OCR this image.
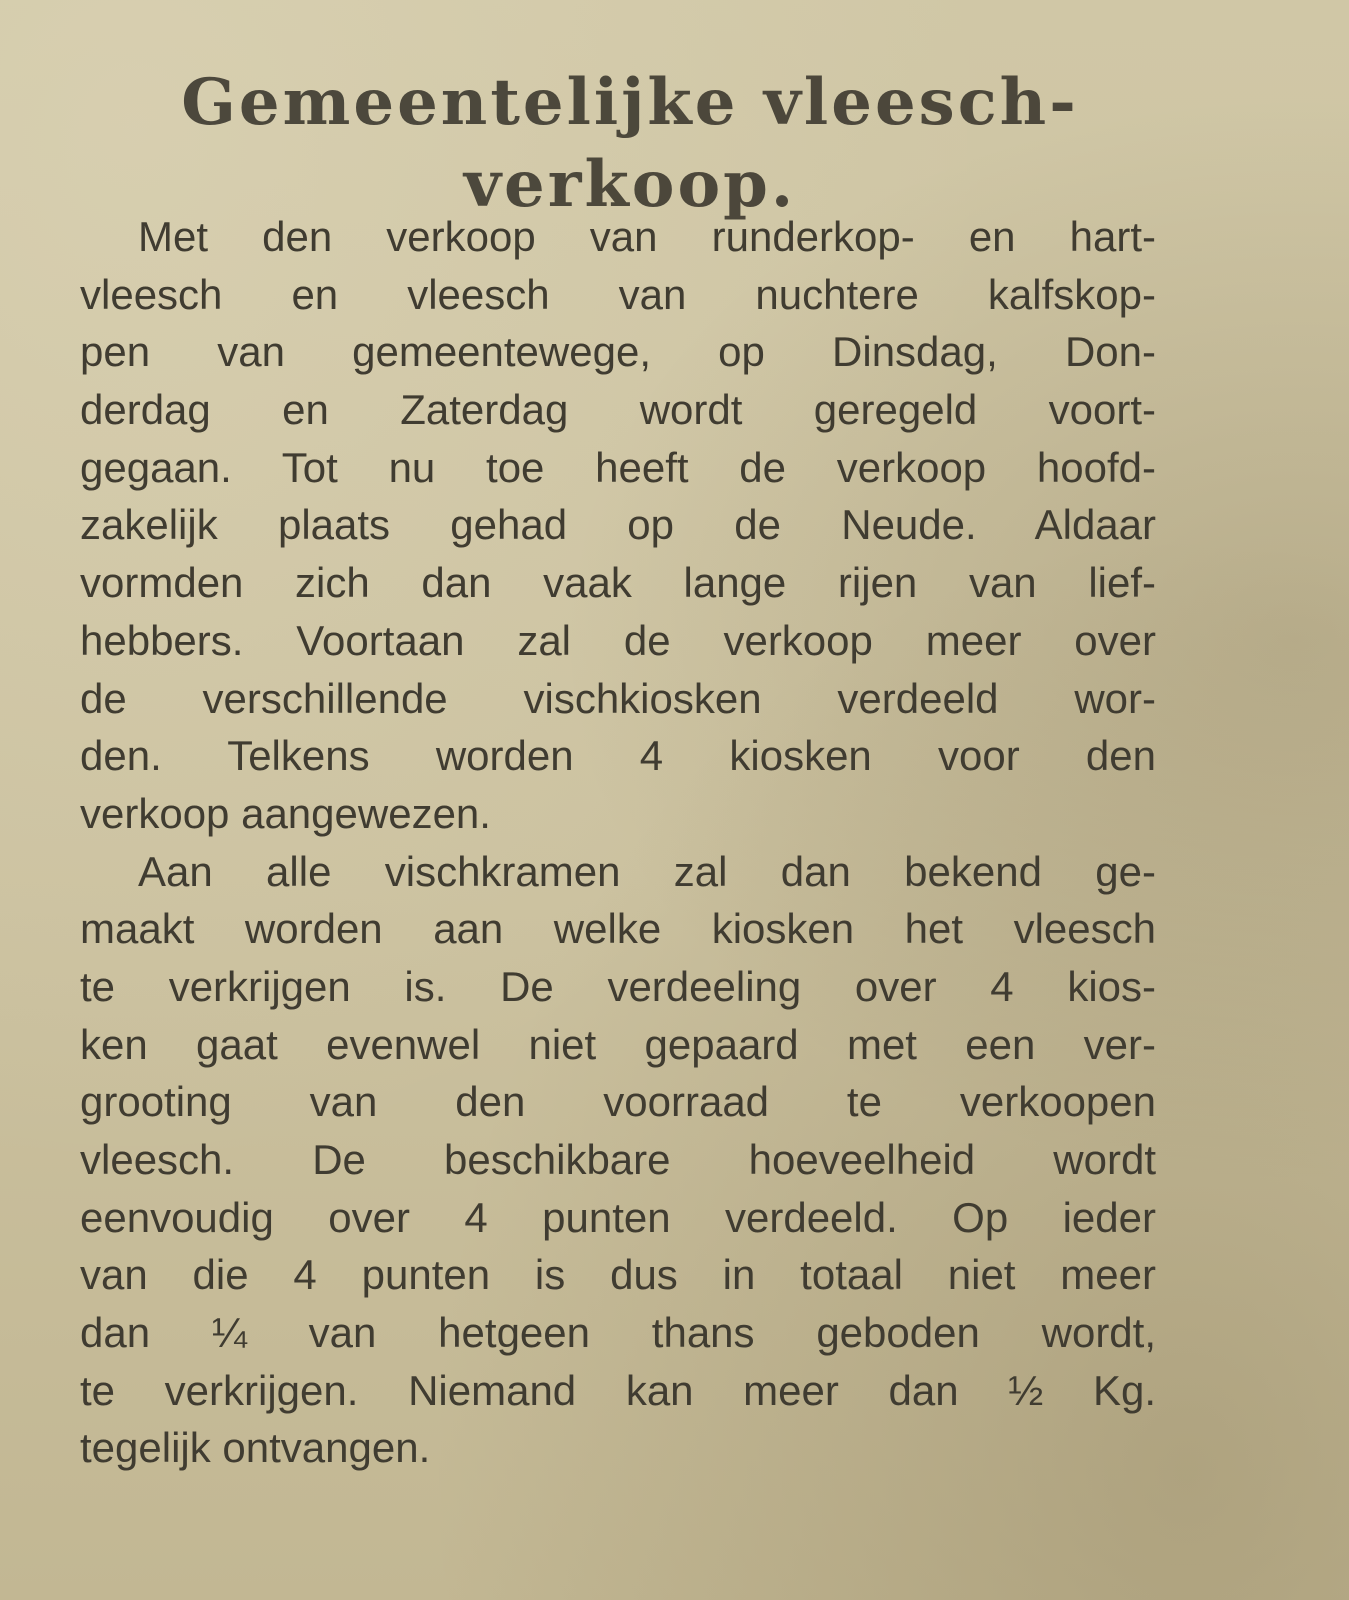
Gemeentelijke vleesch-
verkoop.
Met den verkoop van runderkop- en hart-
vleesch en vleesch van nuchtere kalfskop-
pen van gemeentewege, op Dinsdag, Don-
derdag en Zaterdag wordt geregeld voort-
gegaan. Tot nu toe heeft de verkoop hoofd-
zakelijk plaats gehad op de Neude. Aldaar
vormden zich dan vaak lange rijen van lief-
hebbers. Voortaan zal de verkoop meer over
de verschillende vischkiosken verdeeld wor-
den. Telkens worden 4 kiosken voor den
verkoop aangewezen.
Aan alle vischkramen zal dan bekend ge-
maakt worden aan welke kiosken het vleesch
te verkrijgen is. De verdeeling over 4 kios-
ken gaat evenwel niet gepaard met een ver-
grooting van den voorraad te verkoopen
vleesch. De beschikbare hoeveelheid wordt
eenvoudig over 4 punten verdeeld. Op ieder
van die 4 punten is dus in totaal niet meer
dan ¼ van hetgeen thans geboden wordt,
te verkrijgen. Niemand kan meer dan ½ Kg.
tegelijk ontvangen.
